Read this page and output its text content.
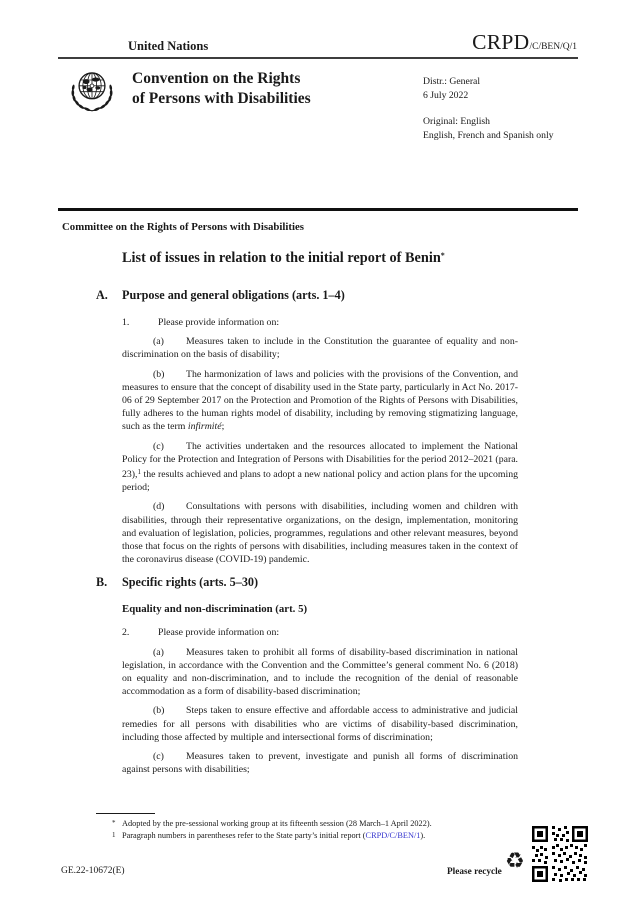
United Nations	CRPD /C/BEN/Q/1
Convention on the Rights
of Persons with Disabilities
Distr.: General
6 July 2022
Original: English
English, French and Spanish only
Committee on the Rights of Persons with Disabilities
List of issues in relation to the initial report of Benin*
A. Purpose and general obligations (arts. 1–4)

1.	Please provide information on:

(a) Measures taken to include in the Constitution the guarantee of equality and non-discrimination on the basis of disability;

(b) The harmonization of laws and policies with the provisions of the Convention, and measures to ensure that the concept of disability used in the State party, particularly in Act No. 2017-06 of 29 September 2017 on the Protection and Promotion of the Rights of Persons with Disabilities, fully adheres to the human rights model of disability, including by removing stigmatizing language, such as the term infirmité;

(c) The activities undertaken and the resources allocated to implement the National Policy for the Protection and Integration of Persons with Disabilities for the period 2012–2021 (para. 23),$^1$ the results achieved and plans to adopt a new national policy and action plans for the upcoming period;

(d) Consultations with persons with disabilities, including women and children with disabilities, through their representative organizations, on the design, implementation, monitoring and evaluation of legislation, policies, programmes, regulations and other relevant measures, beyond those that focus on the rights of persons with disabilities, including measures taken in the context of the coronavirus disease (COVID-19) pandemic.

B. Specific rights (arts. 5–30)
Equality and non-discrimination (art. 5)

2.	Please provide information on:

(a) Measures taken to prohibit all forms of disability-based discrimination in national legislation, in accordance with the Convention and the Committee’s general comment No. 6 (2018) on equality and non-discrimination, and to include the recognition of the denial of reasonable accommodation as a form of disability-based discrimination;

(b) Steps taken to ensure effective and affordable access to administrative and judicial remedies for all persons with disabilities who are victims of disability-based discrimination, including those affected by multiple and intersectional forms of discrimination;

(c) Measures taken to prevent, investigate and punish all forms of discrimination against persons with disabilities;

* Adopted by the pre-sessional working group at its fifteenth session (28 March–1 April 2022).
1 Paragraph numbers in parentheses refer to the State party’s initial report (CRPD/C/BEN/1).
GE.22-10672(E)	Please recycle ♻
